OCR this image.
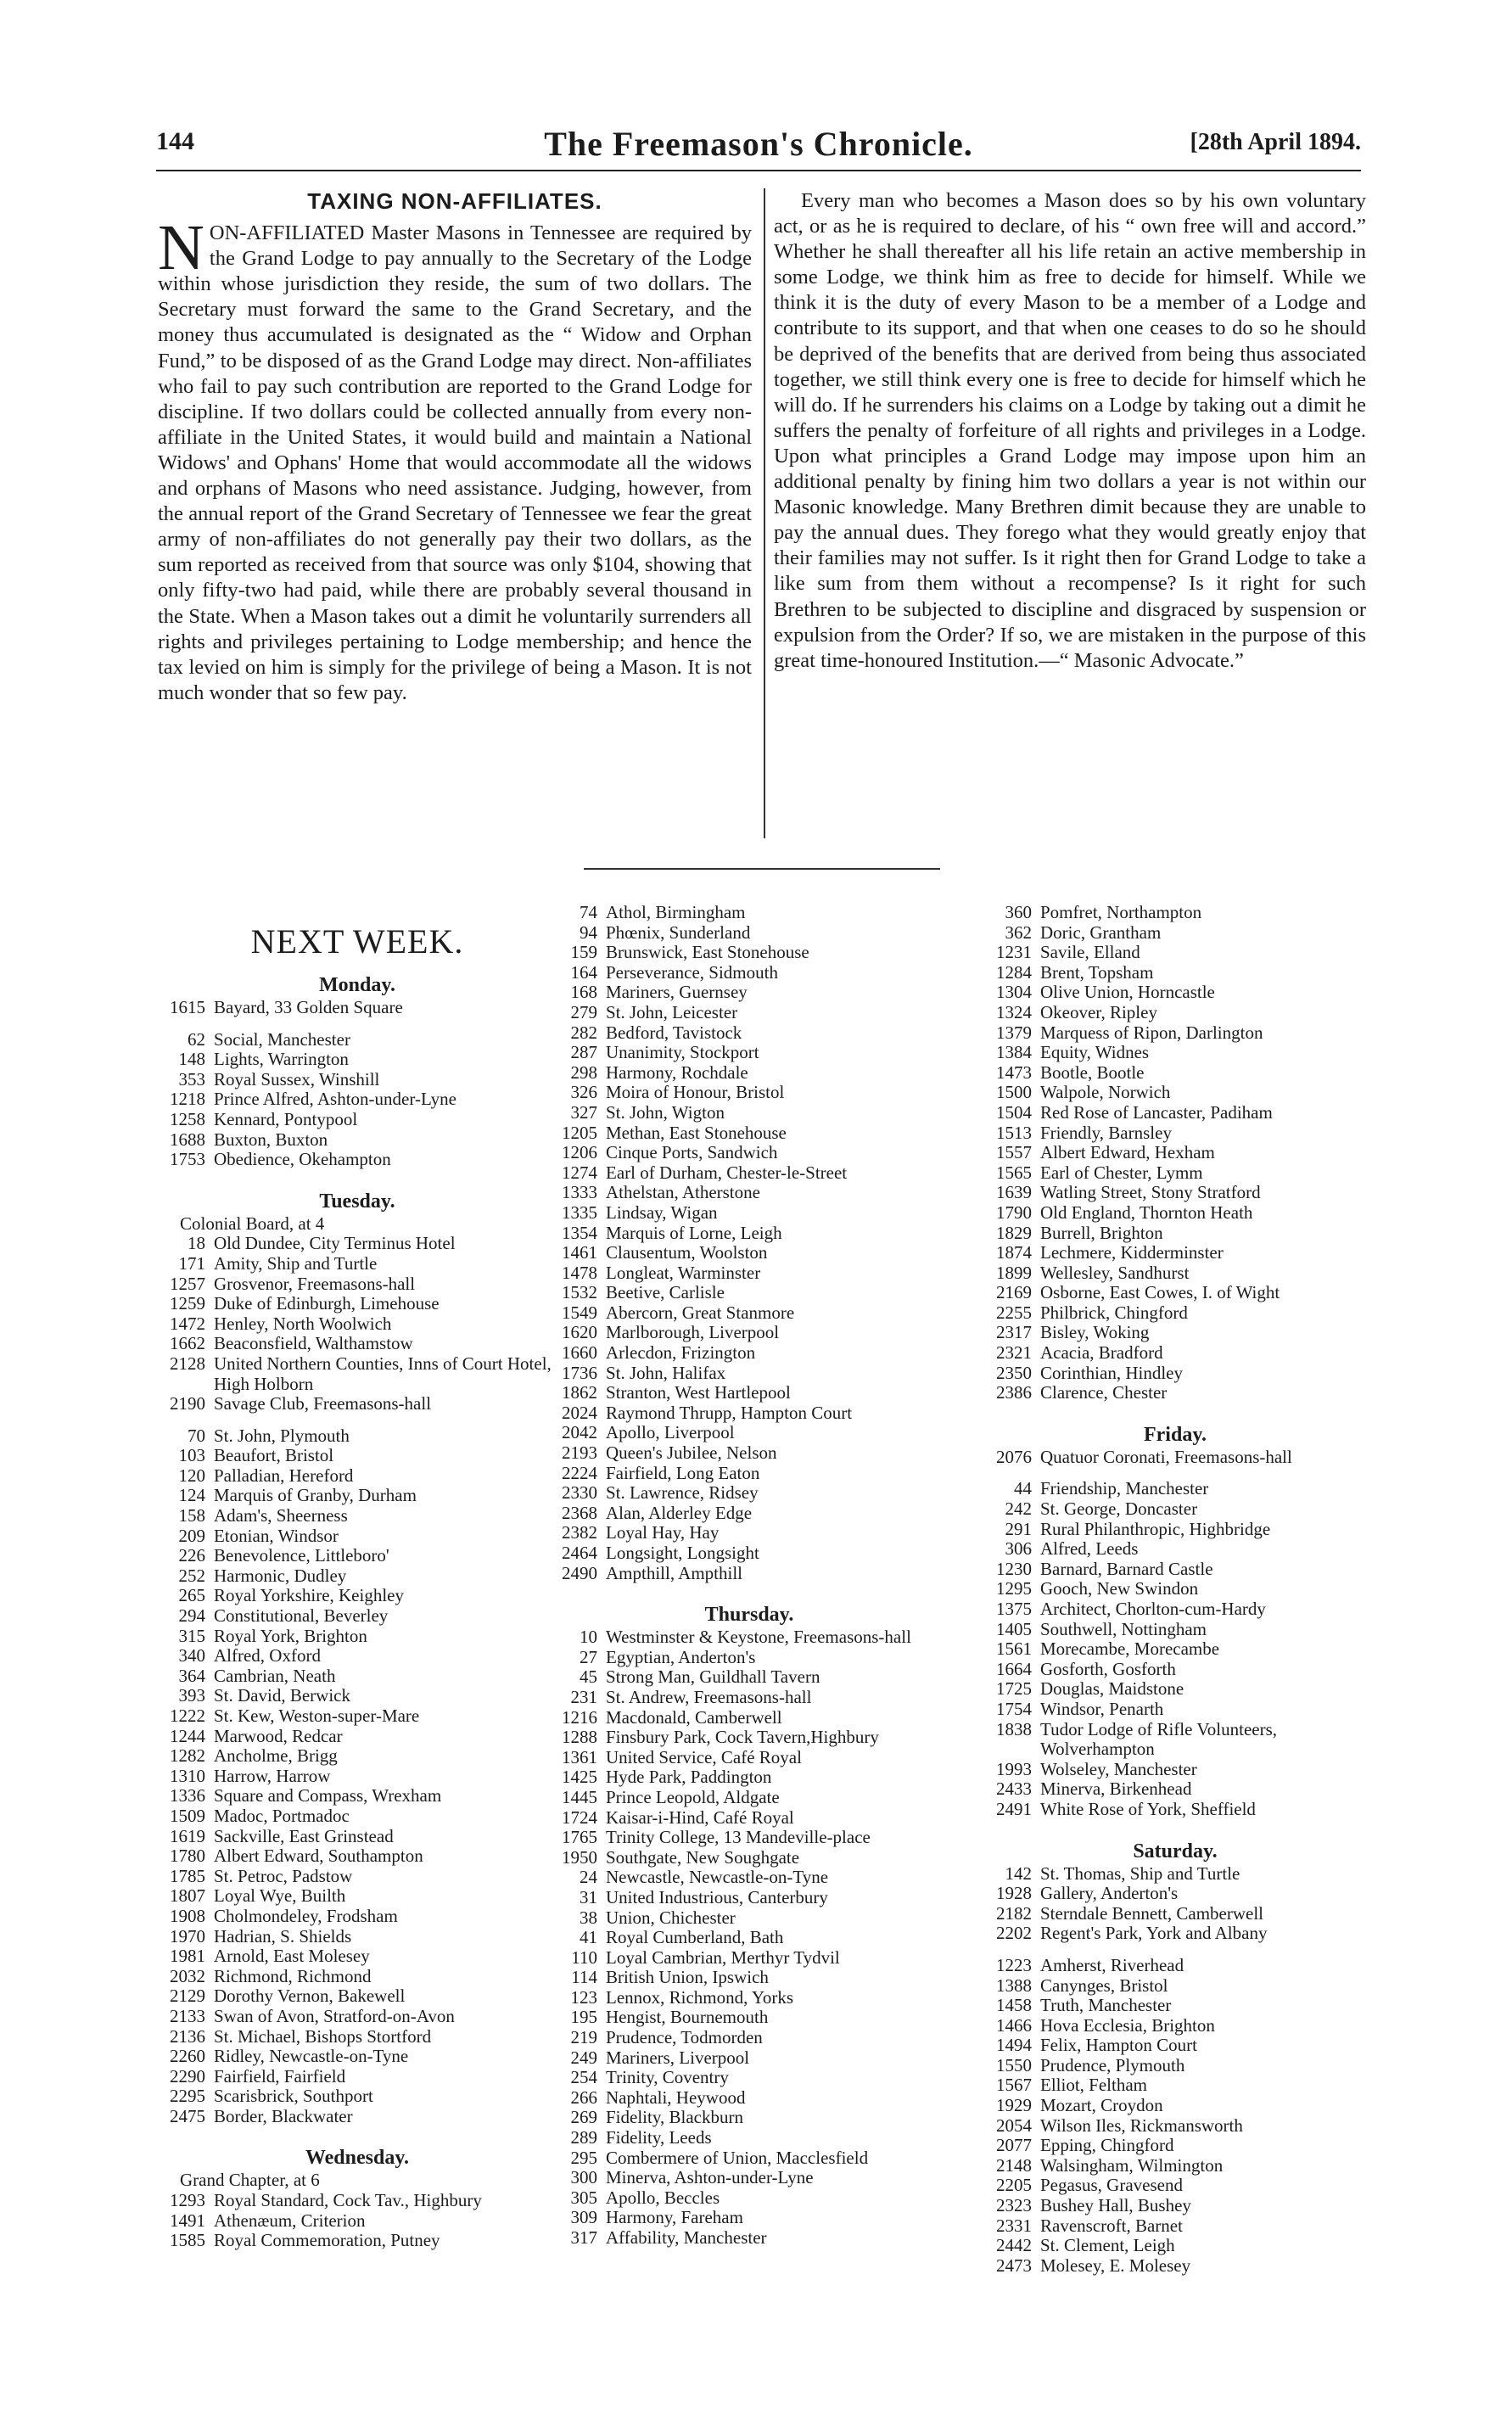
144	The Freemason's Chronicle.	[28th April 1894.
TAXING NON-AFFILIATES.

NON-AFFILIATED Master Masons in Tennessee are required by the Grand Lodge to pay annually to the Secretary of the Lodge within whose jurisdiction they reside, the sum of two dollars. The Secretary must forward the same to the Grand Secretary, and the money thus accumulated is designated as the “ Widow and Orphan Fund,” to be disposed of as the Grand Lodge may direct. Non-affiliates who fail to pay such contribution are reported to the Grand Lodge for discipline. If two dollars could be collected annually from every non-affiliate in the United States, it would build and maintain a National Widows' and Ophans' Home that would accommodate all the widows and orphans of Masons who need assistance. Judging, however, from the annual report of the Grand Secretary of Tennessee we fear the great army of non-affiliates do not generally pay their two dollars, as the sum reported as received from that source was only $104, showing that only fifty-two had paid, while there are probably several thousand in the State. When a Mason takes out a dimit he voluntarily surrenders all rights and privileges pertaining to Lodge membership; and hence the tax levied on him is simply for the privilege of being a Mason. It is not much wonder that so few pay.

Every man who becomes a Mason does so by his own voluntary act, or as he is required to declare, of his “ own free will and accord.” Whether he shall thereafter all his life retain an active membership in some Lodge, we think him as free to decide for himself. While we think it is the duty of every Mason to be a member of a Lodge and contribute to its support, and that when one ceases to do so he should be deprived of the benefits that are derived from being thus associated together, we still think every one is free to decide for himself which he will do. If he surrenders his claims on a Lodge by taking out a dimit he suffers the penalty of forfeiture of all rights and privileges in a Lodge. Upon what principles a Grand Lodge may impose upon him an additional penalty by fining him two dollars a year is not within our Masonic knowledge. Many Brethren dimit because they are unable to pay the annual dues. They forego what they would greatly enjoy that their families may not suffer. Is it right then for Grand Lodge to take a like sum from them without a recompense? Is it right for such Brethren to be subjected to discipline and disgraced by suspension or expulsion from the Order? If so, we are mistaken in the purpose of this great time-honoured Institution.—“ Masonic Advocate.”

NEXT WEEK.
Monday.
1615 Bayard, 33 Golden Square
62 Social, Manchester
148 Lights, Warrington
353 Royal Sussex, Winshill
1218 Prince Alfred, Ashton-under-Lyne
1258 Kennard, Pontypool
1688 Buxton, Buxton
1753 Obedience, Okehampton
Tuesday.
Colonial Board, at 4
18 Old Dundee, City Terminus Hotel
171 Amity, Ship and Turtle
1257 Grosvenor, Freemasons-hall
1259 Duke of Edinburgh, Limehouse
1472 Henley, North Woolwich
1662 Beaconsfield, Walthamstow
2128 United Northern Counties, Inns of Court Hotel, High Holborn
2190 Savage Club, Freemasons-hall
70 St. John, Plymouth
103 Beaufort, Bristol
120 Palladian, Hereford
124 Marquis of Granby, Durham
158 Adam's, Sheerness
209 Etonian, Windsor
226 Benevolence, Littleboro'
252 Harmonic, Dudley
265 Royal Yorkshire, Keighley
294 Constitutional, Beverley
315 Royal York, Brighton
340 Alfred, Oxford
364 Cambrian, Neath
393 St. David, Berwick
1222 St. Kew, Weston-super-Mare
1244 Marwood, Redcar
1282 Ancholme, Brigg
1310 Harrow, Harrow
1336 Square and Compass, Wrexham
1509 Madoc, Portmadoc
1619 Sackville, East Grinstead
1780 Albert Edward, Southampton
1785 St. Petroc, Padstow
1807 Loyal Wye, Builth
1908 Cholmondeley, Frodsham
1970 Hadrian, S. Shields
1981 Arnold, East Molesey
2032 Richmond, Richmond
2129 Dorothy Vernon, Bakewell
2133 Swan of Avon, Stratford-on-Avon
2136 St. Michael, Bishops Stortford
2260 Ridley, Newcastle-on-Tyne
2290 Fairfield, Fairfield
2295 Scarisbrick, Southport
2475 Border, Blackwater
Wednesday.
Grand Chapter, at 6
1293 Royal Standard, Cock Tav., Highbury
1491 Athenæum, Criterion
1585 Royal Commemoration, Putney
74 Athol, Birmingham
94 Phœnix, Sunderland
159 Brunswick, East Stonehouse
164 Perseverance, Sidmouth
168 Mariners, Guernsey
279 St. John, Leicester
282 Bedford, Tavistock
287 Unanimity, Stockport
298 Harmony, Rochdale
326 Moira of Honour, Bristol
327 St. John, Wigton
1205 Methan, East Stonehouse
1206 Cinque Ports, Sandwich
1274 Earl of Durham, Chester-le-Street
1333 Athelstan, Atherstone
1335 Lindsay, Wigan
1354 Marquis of Lorne, Leigh
1461 Clausentum, Woolston
1478 Longleat, Warminster
1532 Beetive, Carlisle
1549 Abercorn, Great Stanmore
1620 Marlborough, Liverpool
1660 Arlecdon, Frizington
1736 St. John, Halifax
1862 Stranton, West Hartlepool
2024 Raymond Thrupp, Hampton Court
2042 Apollo, Liverpool
2193 Queen's Jubilee, Nelson
2224 Fairfield, Long Eaton
2330 St. Lawrence, Ridsey
2368 Alan, Alderley Edge
2382 Loyal Hay, Hay
2464 Longsight, Longsight
2490 Ampthill, Ampthill
Thursday.
10 Westminster & Keystone, Freemasons-hall
27 Egyptian, Anderton's
45 Strong Man, Guildhall Tavern
231 St. Andrew, Freemasons-hall
1216 Macdonald, Camberwell
1288 Finsbury Park, Cock Tavern,Highbury
1361 United Service, Café Royal
1425 Hyde Park, Paddington
1445 Prince Leopold, Aldgate
1724 Kaisar-i-Hind, Café Royal
1765 Trinity College, 13 Mandeville-place
1950 Southgate, New Soughgate
24 Newcastle, Newcastle-on-Tyne
31 United Industrious, Canterbury
38 Union, Chichester
41 Royal Cumberland, Bath
110 Loyal Cambrian, Merthyr Tydvil
114 British Union, Ipswich
123 Lennox, Richmond, Yorks
195 Hengist, Bournemouth
219 Prudence, Todmorden
249 Mariners, Liverpool
254 Trinity, Coventry
266 Naphtali, Heywood
269 Fidelity, Blackburn
289 Fidelity, Leeds
295 Combermere of Union, Macclesfield
300 Minerva, Ashton-under-Lyne
305 Apollo, Beccles
309 Harmony, Fareham
317 Affability, Manchester
360 Pomfret, Northampton
362 Doric, Grantham
1231 Savile, Elland
1284 Brent, Topsham
1304 Olive Union, Horncastle
1324 Okeover, Ripley
1379 Marquess of Ripon, Darlington
1384 Equity, Widnes
1473 Bootle, Bootle
1500 Walpole, Norwich
1504 Red Rose of Lancaster, Padiham
1513 Friendly, Barnsley
1557 Albert Edward, Hexham
1565 Earl of Chester, Lymm
1639 Watling Street, Stony Stratford
1790 Old England, Thornton Heath
1829 Burrell, Brighton
1874 Lechmere, Kidderminster
1899 Wellesley, Sandhurst
2169 Osborne, East Cowes, I. of Wight
2255 Philbrick, Chingford
2317 Bisley, Woking
2321 Acacia, Bradford
2350 Corinthian, Hindley
2386 Clarence, Chester
Friday.
2076 Quatuor Coronati, Freemasons-hall
44 Friendship, Manchester
242 St. George, Doncaster
291 Rural Philanthropic, Highbridge
306 Alfred, Leeds
1230 Barnard, Barnard Castle
1295 Gooch, New Swindon
1375 Architect, Chorlton-cum-Hardy
1405 Southwell, Nottingham
1561 Morecambe, Morecambe
1664 Gosforth, Gosforth
1725 Douglas, Maidstone
1754 Windsor, Penarth
1838 Tudor Lodge of Rifle Volunteers, Wolverhampton
1993 Wolseley, Manchester
2433 Minerva, Birkenhead
2491 White Rose of York, Sheffield
Saturday.
142 St. Thomas, Ship and Turtle
1928 Gallery, Anderton's
2182 Sterndale Bennett, Camberwell
2202 Regent's Park, York and Albany
1223 Amherst, Riverhead
1388 Canynges, Bristol
1458 Truth, Manchester
1466 Hova Ecclesia, Brighton
1494 Felix, Hampton Court
1550 Prudence, Plymouth
1567 Elliot, Feltham
1929 Mozart, Croydon
2054 Wilson Iles, Rickmansworth
2077 Epping, Chingford
2148 Walsingham, Wilmington
2205 Pegasus, Gravesend
2323 Bushey Hall, Bushey
2331 Ravenscroft, Barnet
2442 St. Clement, Leigh
2473 Molesey, E. Molesey
